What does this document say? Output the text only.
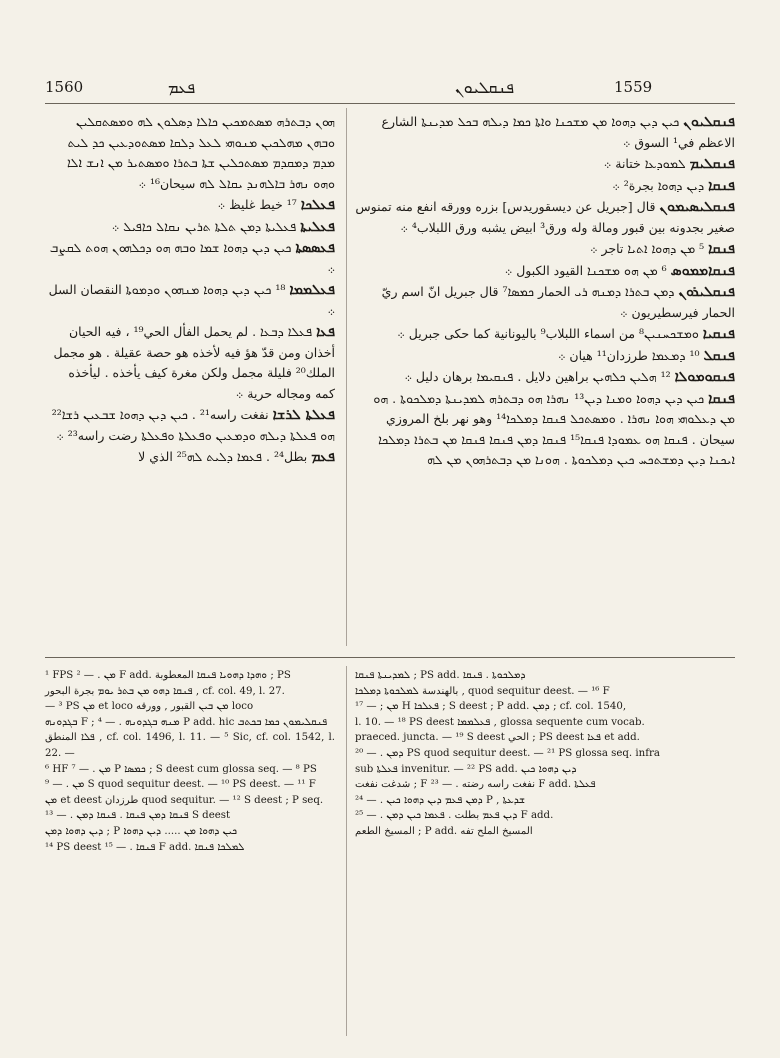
1560	ܦܥܡ	ܦܢܩܠܝܘܢ	1559
ܗܘܢ ܕܒܬܪܗ ܡܣܬܡܟܝܢ ܟܐܠܐ ܕܣܠܘܢ ܠܗ ܘܡܣܬܩܠܝܢ ܘܒܗܢ ܡܗܠܟܝܢ ܡܢܘܗܝ ܠܥܠ ܕܠܩܐ ܡܣܬܘܕܥܝܢ ܟܕ ܠܝܬ ܡܕܡ ܕܡܩܕܡ ܡܣܬܟܠܝܢ ܫܬܐ ܒܬܪܐ ܘܡܣܬܝܪ ܡܢ ܐܢܫ ܐܠܐ ܘܗܘ ܢܗܪ ܒܐܠܗܢܕ ܝܩܐܠ ܠܗ سيحان¹⁶ ܀
ܦܥܠܟܐ ¹⁷ خيط غليظ ܀
ܦܥܠܝܬܐ ܦܥܠܝܬܐ ܕܡܢ ܬܠܬܐ ܬܪܝܢ ܢܩܐܠ ܟܐܦܝܠ ܀
ܦܥܣܣܬܐ ܟܝܢ ܕܝܢ ܕܗܘܐ ܫܡܐ ܘܒܗ ܗܘ ܕܟܠܗܘܢ ܗܘܬ ܠܩܨܒ ܀
ܦܥܠܡܡܐ ¹⁸ ܟܝܢ ܕܝܢ ܕܗܘܐ ܡܢܗܘܢ ܘܕܡܘܬܐ النقصان السل ܀
ܦܥܐ ܦܥܠܐ ܕܒܥܐ . لم يحمل الفأل الحي¹⁹ ، فيه الحيان أخذان ومن قدّ هؤ فيه لأخذه هو حصة عقيلة . هو مجمل الملك²⁰ فليلة مجمل ولكن مغرة كيف يأخذه . ليأخذه كمه ومجاله حرية ܀
ܦܥܠܬܐ ܠܪܫܐ نفغت راسه²¹ . ܟܝܢ ܕܝܢ ܕܗܘܐ ܫܒܥܝܢ ܪܫܐ²² ܗܘ ܦܥܠܬܐ ܕܝܠܗ ܘܕܡܥܝܢ ܘܦܥܠܬܐ ܘܦܥܠܬܐ رضت راسه²³ ܀
ܦܥܡ بطل²⁴ . ܦܥܡܐ ܕܠܝܬ ܠܗ²⁵ الذي لا
ܦܢܩܠܝܘܢ ܟܝܢ ܕܝܢ ܕܗܘܐ ܡܢ ܡܫܟܢܐ ܘܐܬܐ ܟܡܐ ܕܝܠܗ ܒܟܠ ܡܕܝܢܬܐ الشارع الاعظم في¹ السوق ܀
ܦܢܩܠܝܡ ܠܡܘܕܥܐ ختانة ܀
ܦܢܩܐ ܕܝܢ ܕܗܘܐ بجرة² ܀
ܦܢܩܠܝܣܝܡܘܢ قال [جبريل عن ديسقوريدس] بزره وورقه انفع منه تمنوس صغير بجدونه بين قبور ومالة وله ورق³ ابيض يشبه ورق اللبلاب⁴ ܀
ܦܢܩܐ ⁵ ܡܢ ܕܗܘܐ ܐܬܝܐ تاجر ܀
ܦܢܩܐܡܡܘܣ ⁶ ܡܢ ܗܘ ܡܫܟܢܐ القيود الكبول ܀
ܦܢܩܠܝܪܘܢ ܕܡܢ ܒܬܪܐ ܕܡܢܗ ܪܝ الحمار ܟܡܣܐ⁷ قال جبريل انّ اسم ريّ الحمار فيرسطيريون ܀
ܦܢܩܝܐ ܘܡܫܟܚܢܝܢ⁸ من اسماء اللبلاب⁹ باليونانية كما حكى جبريل ܀
ܦܢܩܠ ¹⁰ ܕܡܥܡܐ طرزدان¹¹ هيان ܀
ܦܢܩܘܡܘܠܐ ¹² ܗܠܝܢ ܟܠܗܝܢ براهين دلايل . ܦܢܩܝܡܐ برهان دليل ܀
ܦܢܩܐ ܟܝܢ ܕܝܢ ܕܗܘܐ ܘܡܢܐ ܕܝܢ¹³ ܢܗܪܐ ܗܘ ܕܒܬܪܗ ܠܡܕܝܢܬܐ ܕܡܠܟܘܬܐ . ܗܘ ܡܢ ܕܥܠܘܗܝ ܗܘܐ ܢܗܪܐ . ܘܡܣܬܟܠ ܦܢܩܐ ܕܡܠܟܐ¹⁴ وهو نهر بلخ المروزي سيحان . ܦܢܩܐ ܗܘ ܥܡܘܕܐ ܦܢܩܐ¹⁵ ܦܢܩܐ ܕܡܢ ܦܢܩܐ ܦܢܩܐ ܡܢ ܒܬܪܐ ܕܡܠܟܐ ܐܝܟܢܐ ܕܝܢ ܕܡܫܬܟܚ ܟܝܢ ܕܡܠܟܘܬܐ . ܗܘܢܐ ܡܢ ܕܒܬܪܗܘܢ ܡܢ ܠܗ

¹ FPS ܡܢ . — ² F add. ܘܗܕܐ ܕܗܘܝܐ ܦܢܩܐ المعطوبة ; PS

ܦܢܩܐ ܕܗܘ ܡܢ ܒܬܪ ܝܘܡ بجرة البحور , cf. col. 49, l. 27.

— ³ PS ܡܢ et loco ܡܢ ܒܝܢ القبور , وورقه loco

ܒܓܕܘܢܗ F ; ܡܢܗ ܒܓܕܘܢܗ . — ⁴ P add. hic ܦܢܩܠܝܡܘܢ ܟܡܐ ܒܟܬܒ

ܦܠܐ المنطق , cf. col. 1496, l. 11. — ⁵ Sic, cf. col. 1542, l. 22. —

⁶ HF ܡܢ . — ⁷ P ܟܡܣܐ ; S deest cum glossa seq. — ⁸ PS

ܡܢ . — ⁹ S quod sequitur deest. — ¹⁰ PS deest. — ¹¹ F

ܡܢ et deest طرزدان quod sequitur. — ¹² S deest ; P seq.

ܦܢܩܐ ܕܡܢ ܦܢܩܐ . ܦܢܩܐ ܕܡܢ . — ¹³ S deest

ܕܝܢ ܕܗܘܐ ܕܡܢ ; P ܟܝܢ ܕܗܘܐ ܡܢ ..... ܕܝܢ ܕܗܘܐ

¹⁴ PS deest ܦܢܩܐ . — ¹⁵ F add. ܠܡܠܟܐ ܦܢܩܐ

ܠܡܕܝܢܬܐ ܦܢܩܐ ; PS add. ܕܡܠܟܘܬܐ . ܦܢܩܐ

بالهندسة ܠܡܠܟܘܬܐ ܕܡܠܟܐ , quod sequitur deest. — ¹⁶ F

ܡܢ ; — ¹⁷ H ܦܥܠܟܐ ; S deest ; P add. ܕܡܢ ; cf. col. 1540,

l. 10. — ¹⁸ PS deest ܦܥܠܡܡܐ , glossa sequente cum vocab.

praeced. juncta. — ¹⁹ S deest الحي ; PS deest ܦܥܐ et add.

ܕܡܢ . — ²⁰ PS quod sequitur deest. — ²¹ PS glossa seq. infra

sub ܦܥܠܬܐ invenitur. — ²² PS add. ܕܝܢ ܕܗܘܐ ܟܝܢ

شدغت نفغت ; F نفغت راسه رضته . — ²³ F add. ܦܥܠܬܐ

ܕܡܢ ܦܥܡ ܕܝܢ ܕܗܘܐ ܟܝܢ . — ²⁴ P , ܫܕܥܬܐ

ܕܝܢ ܦܥܡ بطلت . ܦܥܡܐ ܟܝܢ ܕܡܢ . — ²⁵ F add.

المسيخ الطعم ; P add. المسيخ الملح تفه
